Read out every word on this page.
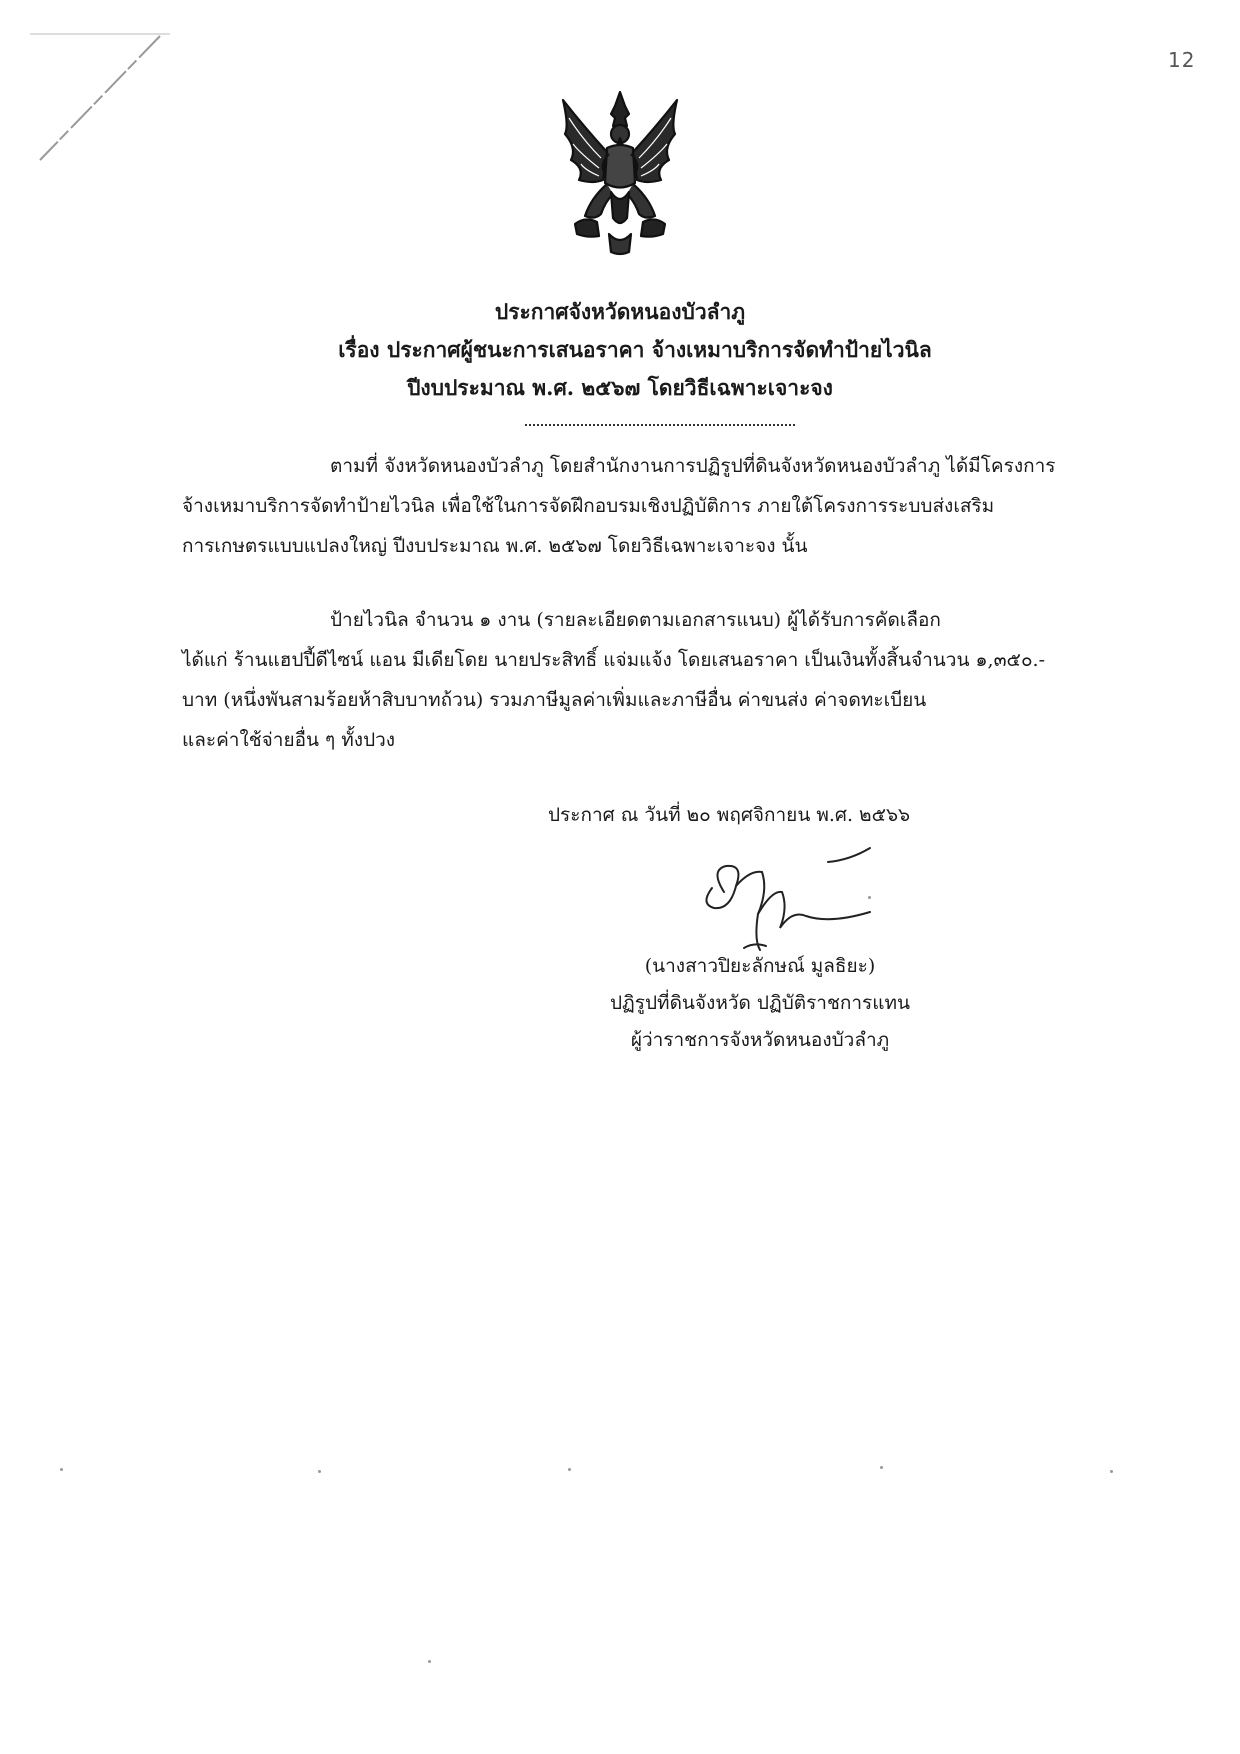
12
ประกาศจังหวัดหนองบัวลำภู
เรื่อง ประกาศผู้ชนะการเสนอราคา จ้างเหมาบริการจัดทำป้ายไวนิล
ปีงบประมาณ พ.ศ. ๒๕๖๗ โดยวิธีเฉพาะเจาะจง

ตามที่ จังหวัดหนองบัวลำภู โดยสำนักงานการปฏิรูปที่ดินจังหวัดหนองบัวลำภู ได้มีโครงการ
จ้างเหมาบริการจัดทำป้ายไวนิล เพื่อใช้ในการจัดฝึกอบรมเชิงปฏิบัติการ ภายใต้โครงการระบบส่งเสริม
การเกษตรแบบแปลงใหญ่ ปีงบประมาณ พ.ศ. ๒๕๖๗ โดยวิธีเฉพาะเจาะจง นั้น

ป้ายไวนิล จำนวน ๑ งาน (รายละเอียดตามเอกสารแนบ) ผู้ได้รับการคัดเลือก
ได้แก่ ร้านแฮปปี้ดีไซน์ แอน มีเดียโดย นายประสิทธิ์ แจ่มแจ้ง โดยเสนอราคา เป็นเงินทั้งสิ้นจำนวน ๑,๓๕๐.-
บาท (หนึ่งพันสามร้อยห้าสิบบาทถ้วน) รวมภาษีมูลค่าเพิ่มและภาษีอื่น ค่าขนส่ง ค่าจดทะเบียน
และค่าใช้จ่ายอื่น ๆ ทั้งปวง

ประกาศ ณ วันที่ ๒๐ พฤศจิกายน พ.ศ. ๒๕๖๖
(นางสาวปิยะลักษณ์ มูลธิยะ)
ปฏิรูปที่ดินจังหวัด ปฏิบัติราชการแทน
ผู้ว่าราชการจังหวัดหนองบัวลำภู
